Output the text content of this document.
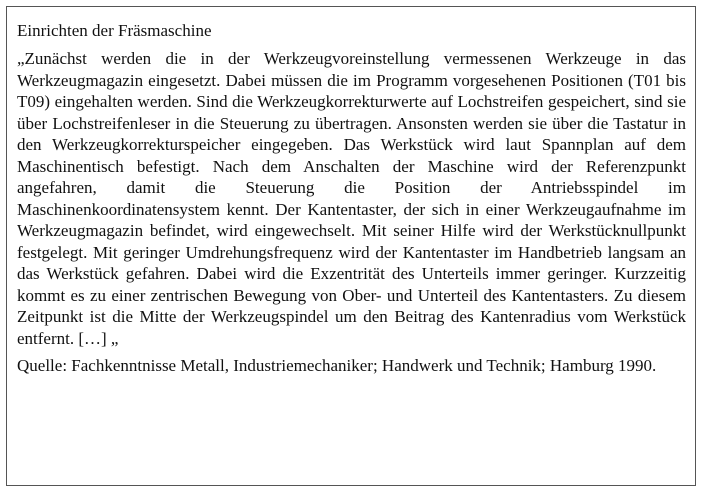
Einrichten der Fräsmaschine

„Zunächst werden die in der Werkzeugvoreinstellung vermessenen Werkzeuge in das Werkzeugmagazin eingesetzt. Dabei müssen die im Programm vorgesehenen Positionen (T01 bis T09) eingehalten werden. Sind die Werkzeugkorrekturwerte auf Lochstreifen gespeichert, sind sie über Lochstreifenleser in die Steuerung zu übertragen. Ansonsten werden sie über die Tastatur in den Werkzeugkorrekturspeicher eingegeben. Das Werkstück wird laut Spannplan auf dem Maschinentisch befestigt. Nach dem Anschalten der Maschine wird der Referenzpunkt angefahren, damit die Steuerung die Position der Antriebsspindel im Maschinenkoordinatensystem kennt. Der Kantentaster, der sich in einer Werkzeugaufnahme im Werkzeugmagazin befindet, wird eingewechselt. Mit seiner Hilfe wird der Werkstücknullpunkt festgelegt. Mit geringer Umdrehungsfrequenz wird der Kantentaster im Handbetrieb langsam an das Werkstück gefahren. Dabei wird die Exzentrität des Unterteils immer geringer. Kurzzeitig kommt es zu einer zentrischen Bewegung von Ober- und Unterteil des Kantentasters. Zu diesem Zeitpunkt ist die Mitte der Werkzeugspindel um den Beitrag des Kantenradius vom Werkstück entfernt. […] „

Quelle: Fachkenntnisse Metall, Industriemechaniker; Handwerk und Technik; Hamburg 1990.
